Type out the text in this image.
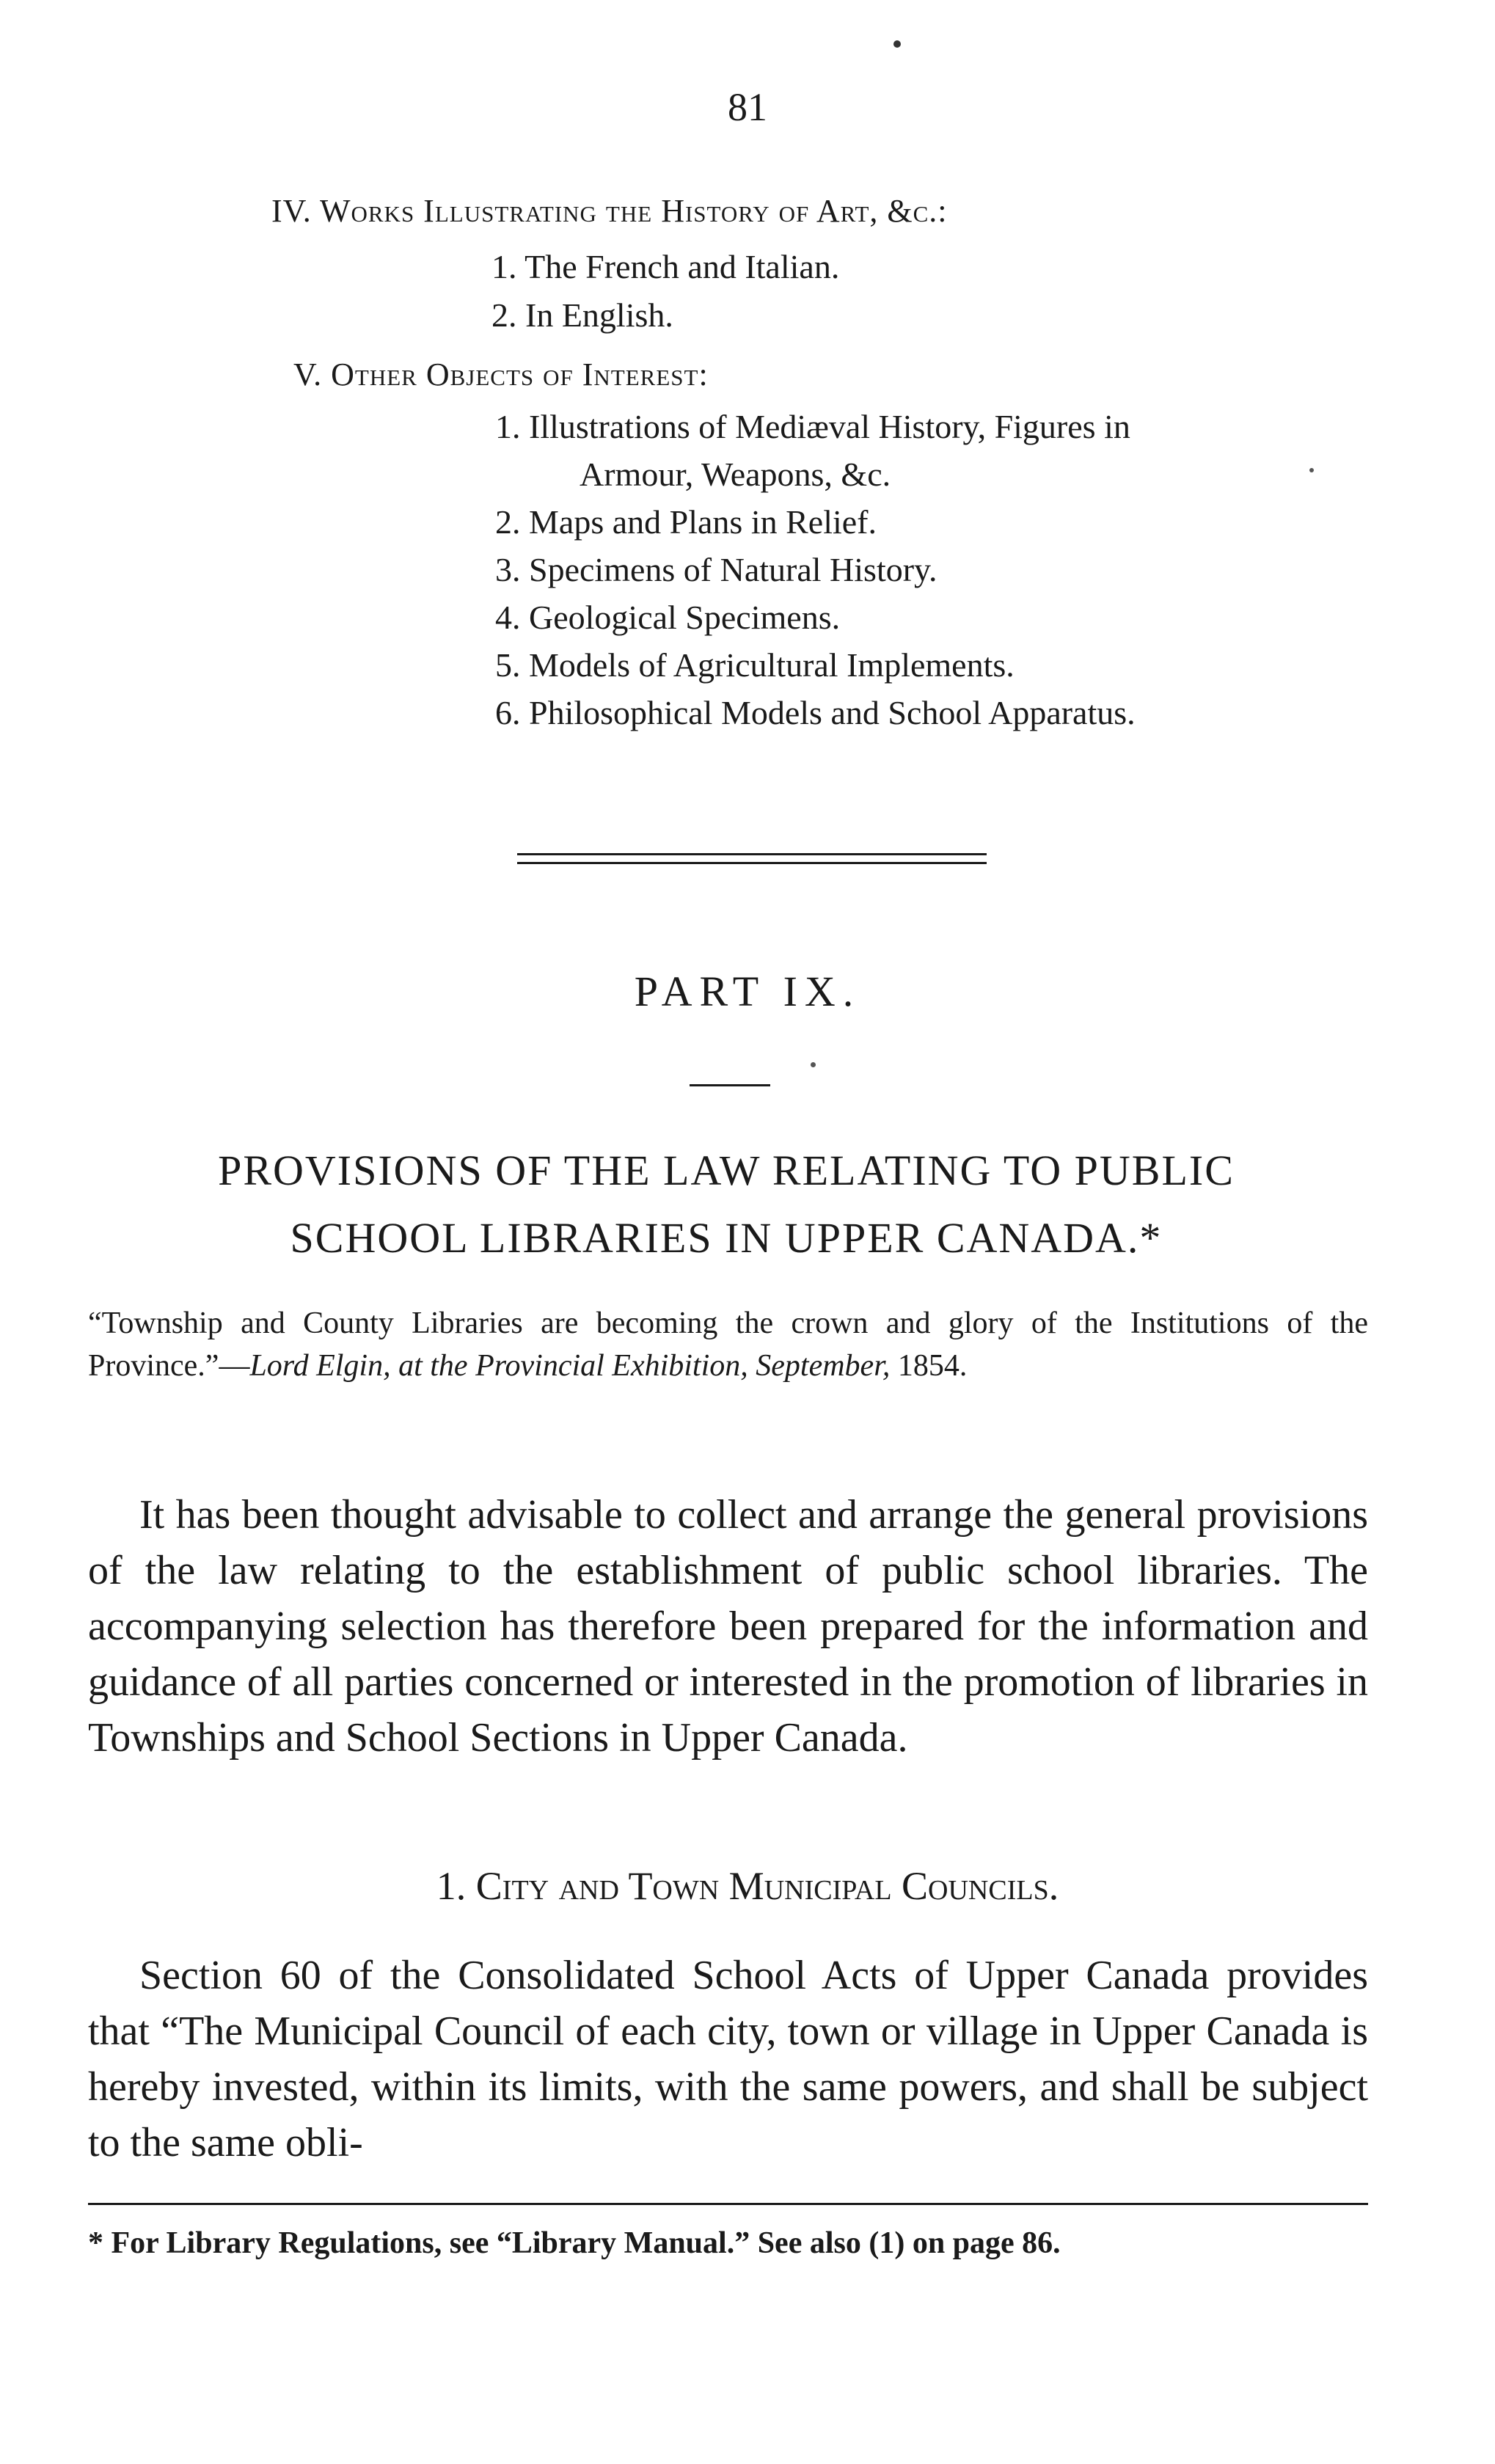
81
IV. Works Illustrating the History of Art, &c.:
1. The French and Italian.
2. In English.
V. Other Objects of Interest:
1. Illustrations of Mediæval History, Figures in
Armour, Weapons, &c.
2. Maps and Plans in Relief.
3. Specimens of Natural History.
4. Geological Specimens.
5. Models of Agricultural Implements.
6. Philosophical Models and School Apparatus.
PART IX.
PROVISIONS OF THE LAW RELATING TO PUBLIC
SCHOOL LIBRARIES IN UPPER CANADA.*
“Township and County Libraries are becoming the crown and glory of the Institutions of the Province.”—Lord Elgin, at the Provincial Exhibition, September, 1854.
It has been thought advisable to collect and arrange the general provisions of the law relating to the establishment of public school libraries. The accompanying selection has therefore been prepared for the information and guidance of all parties concerned or interested in the promotion of libraries in Townships and School Sections in Upper Canada.
1. City and Town Municipal Councils.
Section 60 of the Consolidated School Acts of Upper Canada provides that “The Municipal Council of each city, town or village in Upper Canada is hereby invested, within its limits, with the same powers, and shall be subject to the same obli-
* For Library Regulations, see “Library Manual.” See also (1) on page 86.
